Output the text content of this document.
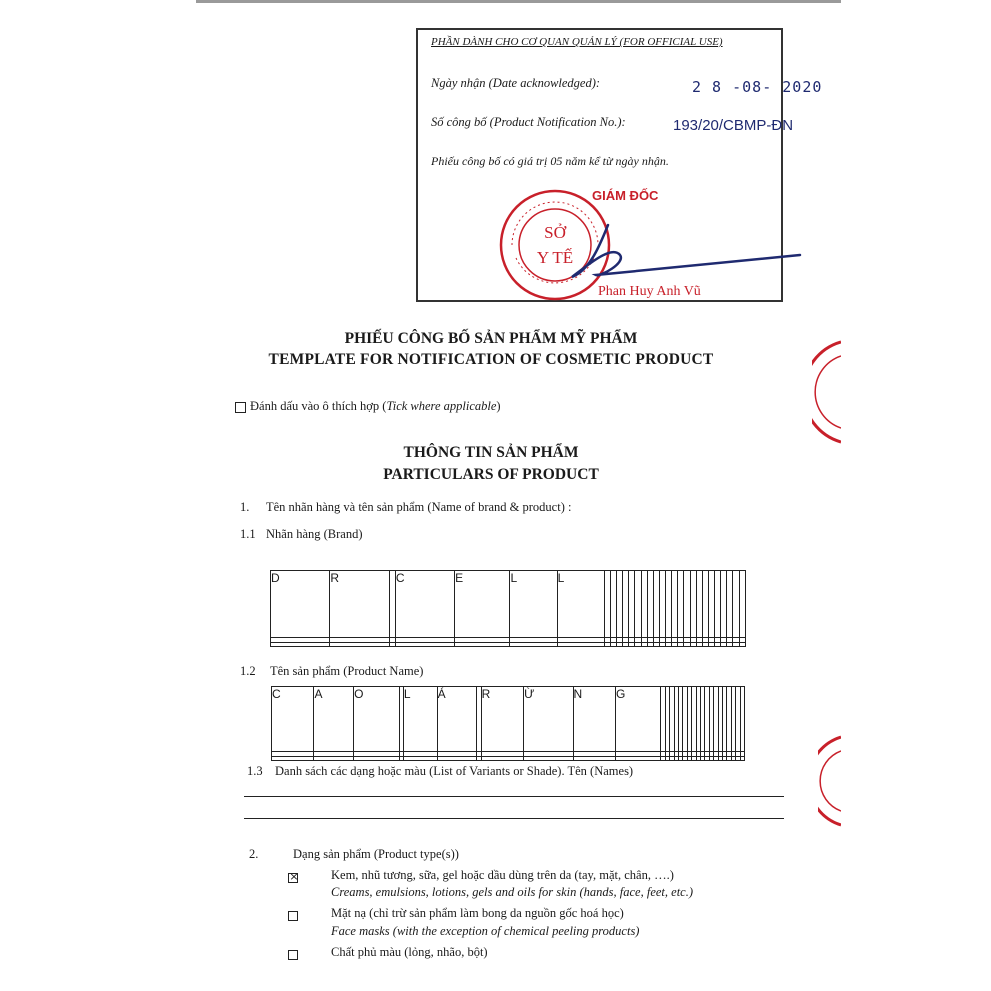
PHẦN DÀNH CHO CƠ QUAN QUẢN LÝ (FOR OFFICIAL USE)
Ngày nhận (Date acknowledged):
Số công bố (Product Notification No.):
Phiếu công bố có giá trị 05 năm kể từ ngày nhận.
2 8 -08- 2020
193/20/CBMP-ĐN
SỞ
Y TẾ
GIÁM ĐỐC
Phan Huy Anh Vũ
PHIẾU CÔNG BỐ SẢN PHẨM MỸ PHẨM
TEMPLATE FOR NOTIFICATION OF COSMETIC PRODUCT
Đánh dấu vào ô thích hợp (Tick where applicable)
THÔNG TIN SẢN PHẨM
PARTICULARS OF PRODUCT
1. Tên nhãn hàng và tên sản phẩm (Name of brand & product) :
1.1 Nhãn hàng (Brand)
D	R		C	E	L	L																							

1.2 Tên sản phẩm (Product Name)
C	A	O		L	Á		R	Ừ	N	G																			

1.3 Danh sách các dạng hoặc màu (List of Variants or Shade). Tên (Names)
2.	Dạng sản phẩm (Product type(s))
×
Kem, nhũ tương, sữa, gel hoặc dầu dùng trên da (tay, mặt, chân, ….)
Creams, emulsions, lotions, gels and oils for skin (hands, face, feet, etc.)
Mặt nạ (chỉ trừ sản phẩm làm bong da nguồn gốc hoá học)
Face masks (with the exception of chemical peeling products)
Chất phủ màu (lỏng, nhão, bột)
